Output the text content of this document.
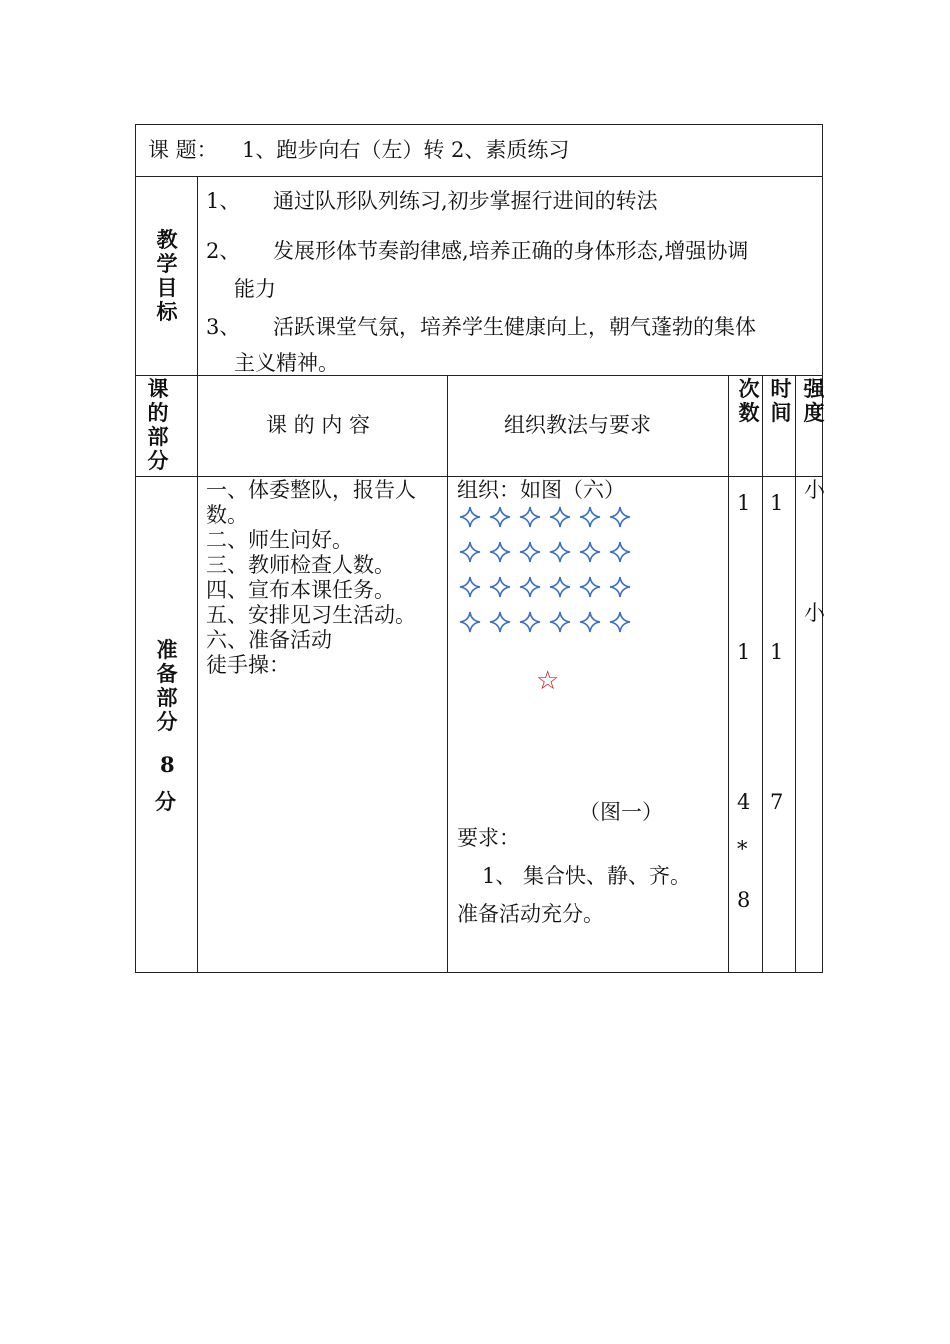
课 题： 1、跑步向右（左）转 2、素质练习
教学目标
1、 通过队形队列练习,初步掌握行进间的转法
2、 发展形体节奏韵律感,培养正确的身体形态,增强协调
能力
3、 活跃课堂气氛，培养学生健康向上，朝气蓬勃的集体
主义精神。
课的部分
课 的 内 容	组织教法与要求
次数
时间
强度
准备部分
8
分
一、体委整队，报告人
数。
二、师生问好。
三、教师检查人数。
四、宣布本课任务。
五、安排见习生活动。
六、准备活动
徒手操：
组织：如图（六）
☆
（图一）
要求：
1、 集合快、静、齐。
准备活动充分。
1
1
4
*
8
1
1
7
小
小
